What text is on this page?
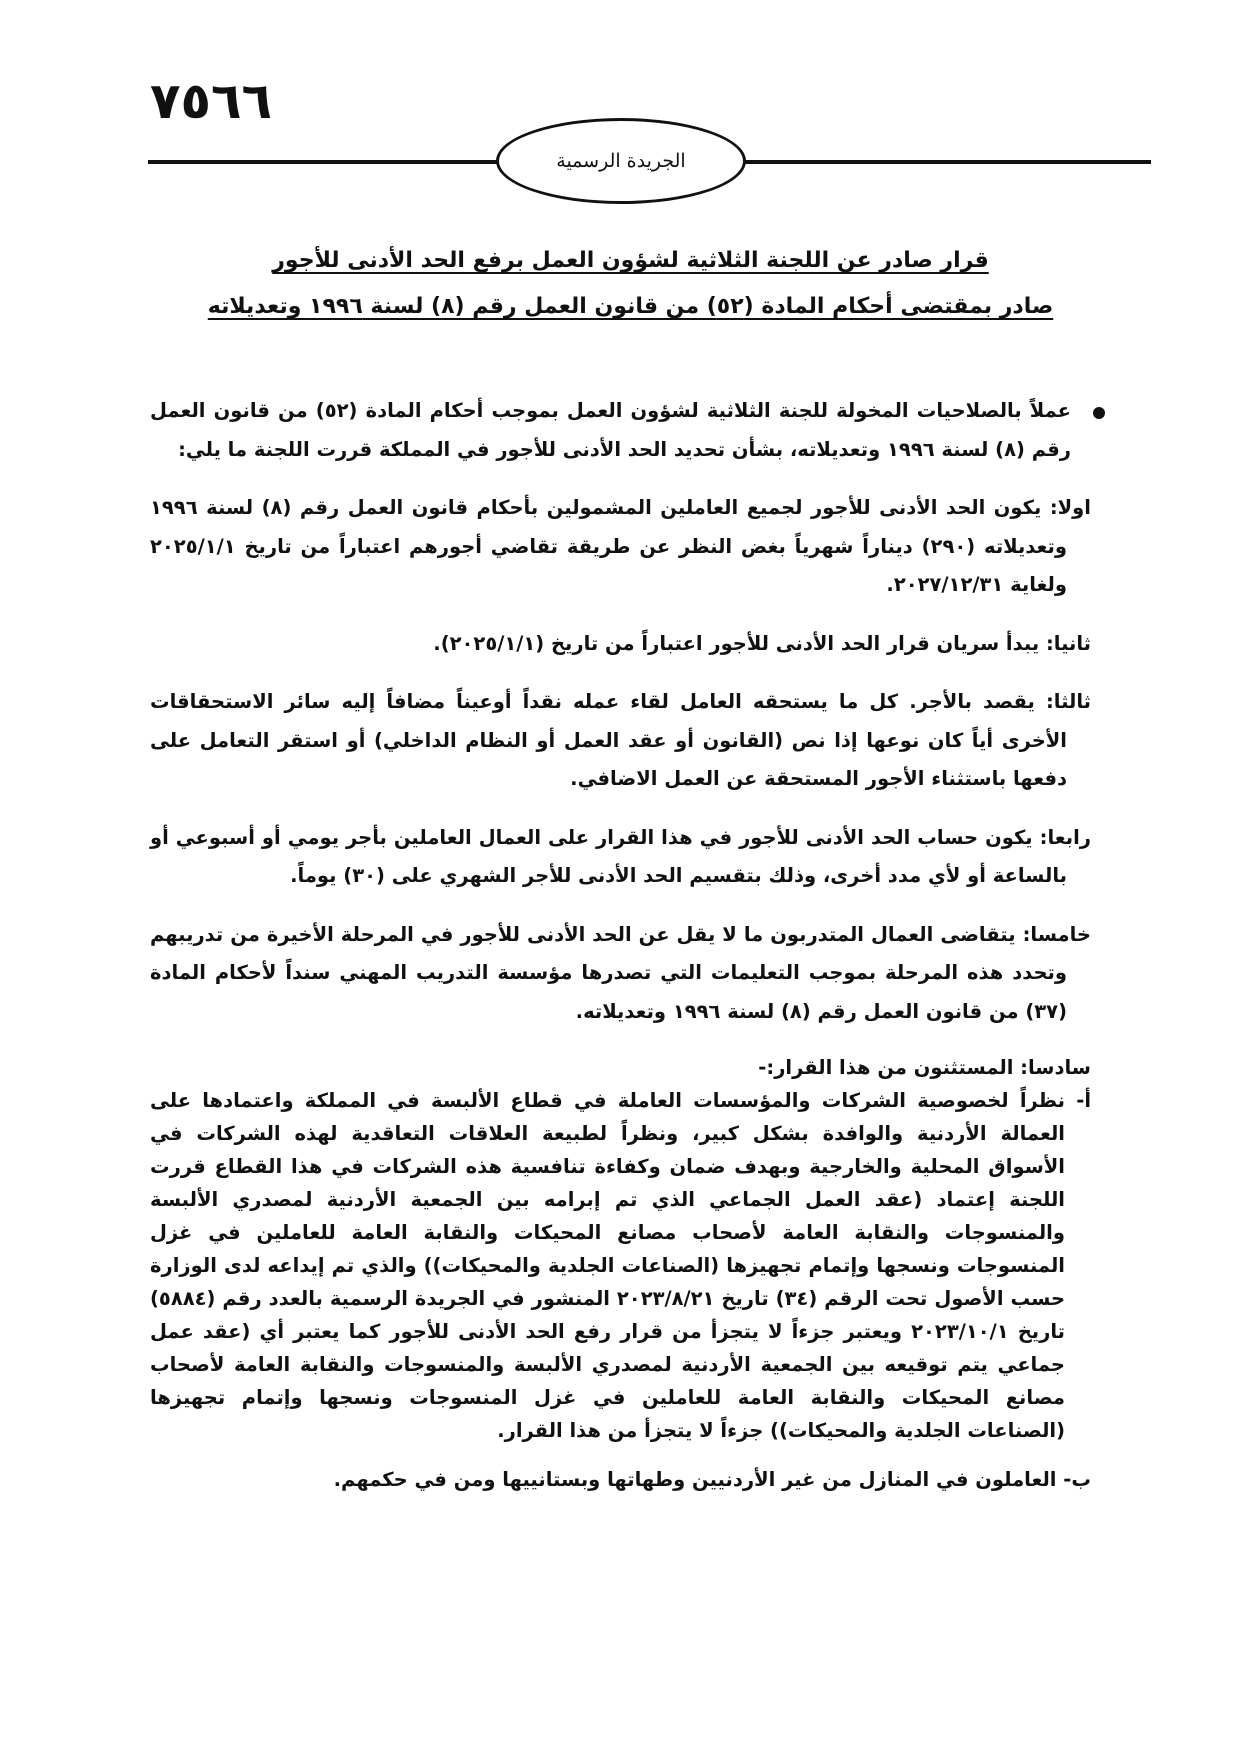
٧٥٦٦
الجريدة الرسمية
قرار صادر عن اللجنة الثلاثية لشؤون العمل برفع الحد الأدنى للأجور
صادر بمقتضى أحكام المادة (٥٢) من قانون العمل رقم (٨) لسنة ١٩٩٦ وتعديلاته

عملاً بالصلاحيات المخولة للجنة الثلاثية لشؤون العمل بموجب أحكام المادة (٥٢) من قانون العمل رقم (٨) لسنة ١٩٩٦ وتعديلاته، بشأن تحديد الحد الأدنى للأجور في المملكة قررت اللجنة ما يلي:

اولا: يكون الحد الأدنى للأجور لجميع العاملين المشمولين بأحكام قانون العمل رقم (٨) لسنة ١٩٩٦ وتعديلاته (٢٩٠) ديناراً شهرياً بغض النظر عن طريقة تقاضي أجورهم اعتباراً من تاريخ ٢٠٢٥/١/١ ولغاية ٢٠٢٧/١٢/٣١.

ثانيا: يبدأ سريان قرار الحد الأدنى للأجور اعتباراً من تاريخ (٢٠٢٥/١/١).

ثالثا: يقصد بالأجر. كل ما يستحقه العامل لقاء عمله نقداً أوعيناً مضافاً إليه سائر الاستحقاقات الأخرى أياً كان نوعها إذا نص (القانون أو عقد العمل أو النظام الداخلي) أو استقر التعامل على دفعها باستثناء الأجور المستحقة عن العمل الاضافي.

رابعا: يكون حساب الحد الأدنى للأجور في هذا القرار على العمال العاملين بأجر يومي أو أسبوعي أو بالساعة أو لأي مدد أخرى، وذلك بتقسيم الحد الأدنى للأجر الشهري على (٣٠) يوماً.

خامسا: يتقاضى العمال المتدربون ما لا يقل عن الحد الأدنى للأجور في المرحلة الأخيرة من تدريبهم وتحدد هذه المرحلة بموجب التعليمات التي تصدرها مؤسسة التدريب المهني سنداً لأحكام المادة (٣٧) من قانون العمل رقم (٨) لسنة ١٩٩٦ وتعديلاته.

سادسا: المستثنون من هذا القرار:-

أ- نظراً لخصوصية الشركات والمؤسسات العاملة في قطاع الألبسة في المملكة واعتمادها على العمالة الأردنية والوافدة بشكل كبير، ونظراً لطبيعة العلاقات التعاقدية لهذه الشركات في الأسواق المحلية والخارجية وبهدف ضمان وكفاءة تنافسية هذه الشركات في هذا القطاع قررت اللجنة إعتماد (عقد العمل الجماعي الذي تم إبرامه بين الجمعية الأردنية لمصدري الألبسة والمنسوجات والنقابة العامة لأصحاب مصانع المحيكات والنقابة العامة للعاملين في غزل المنسوجات ونسجها وإتمام تجهيزها (الصناعات الجلدية والمحيكات)) والذي تم إيداعه لدى الوزارة حسب الأصول تحت الرقم (٣٤) تاريخ ٢٠٢٣/٨/٢١ المنشور في الجريدة الرسمية بالعدد رقم (٥٨٨٤) تاريخ ٢٠٢٣/١٠/١ ويعتبر جزءاً لا يتجزأ من قرار رفع الحد الأدنى للأجور كما يعتبر أي (عقد عمل جماعي يتم توقيعه بين الجمعية الأردنية لمصدري الألبسة والمنسوجات والنقابة العامة لأصحاب مصانع المحيكات والنقابة العامة للعاملين في غزل المنسوجات ونسجها وإتمام تجهيزها (الصناعات الجلدية والمحيكات)) جزءاً لا يتجزأ من هذا القرار.

ب- العاملون في المنازل من غير الأردنيين وطهاتها وبستانييها ومن في حكمهم.
